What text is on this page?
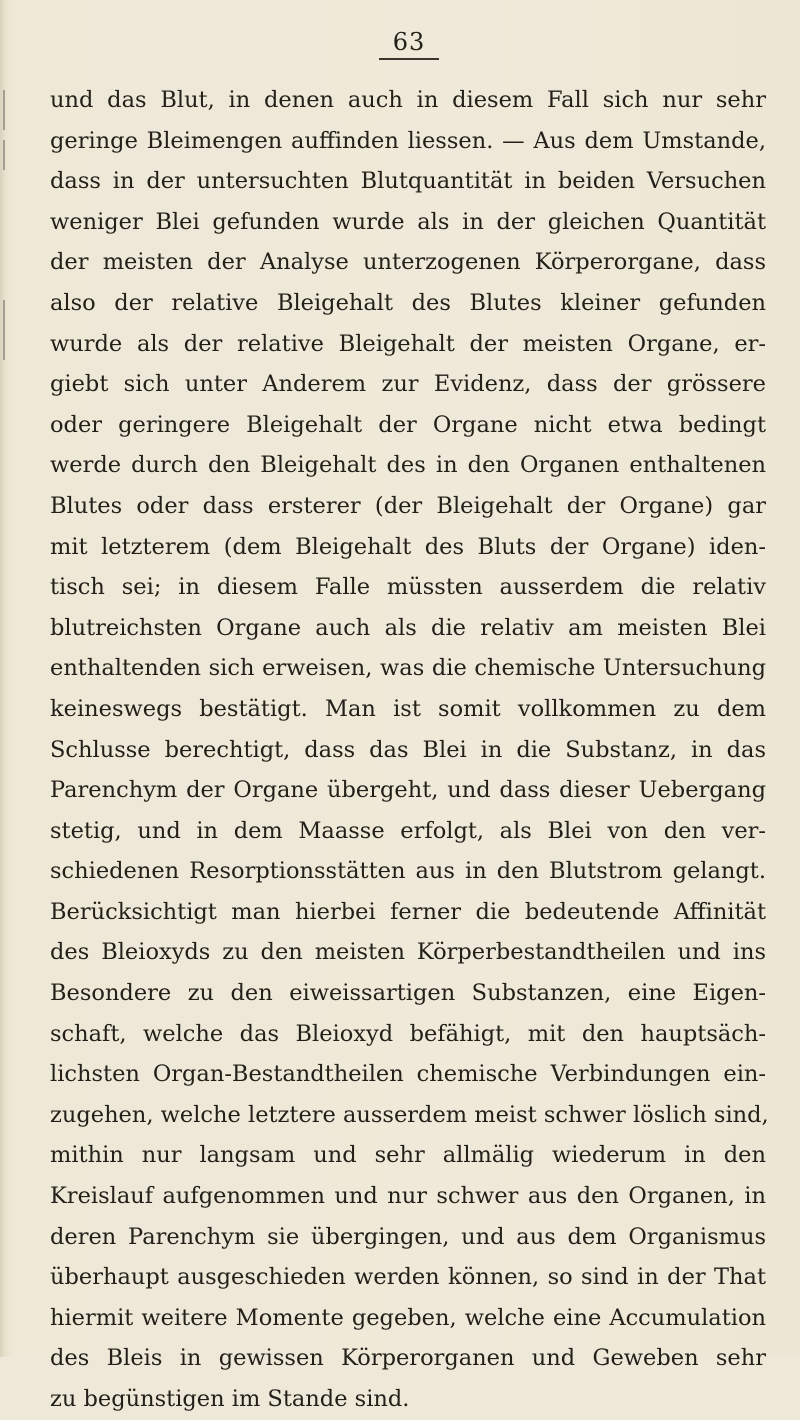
63
und das Blut, in denen auch in diesem Fall sich nur sehr
geringe Bleimengen auffinden liessen. — Aus dem Umstande,
dass in der untersuchten Blutquantität in beiden Versuchen
weniger Blei gefunden wurde als in der gleichen Quantität
der meisten der Analyse unterzogenen Körperorgane, dass
also der relative Bleigehalt des Blutes kleiner gefunden
wurde als der relative Bleigehalt der meisten Organe, er-
giebt sich unter Anderem zur Evidenz, dass der grössere
oder geringere Bleigehalt der Organe nicht etwa bedingt
werde durch den Bleigehalt des in den Organen enthaltenen
Blutes oder dass ersterer (der Bleigehalt der Organe) gar
mit letzterem (dem Bleigehalt des Bluts der Organe) iden-
tisch sei; in diesem Falle müssten ausserdem die relativ
blutreichsten Organe auch als die relativ am meisten Blei
enthaltenden sich erweisen, was die chemische Untersuchung
keineswegs bestätigt. Man ist somit vollkommen zu dem
Schlusse berechtigt, dass das Blei in die Substanz, in das
Parenchym der Organe übergeht, und dass dieser Uebergang
stetig, und in dem Maasse erfolgt, als Blei von den ver-
schiedenen Resorptionsstätten aus in den Blutstrom gelangt.
Berücksichtigt man hierbei ferner die bedeutende Affinität
des Bleioxyds zu den meisten Körperbestandtheilen und ins
Besondere zu den eiweissartigen Substanzen, eine Eigen-
schaft, welche das Bleioxyd befähigt, mit den hauptsäch-
lichsten Organ-Bestandtheilen chemische Verbindungen ein-
zugehen, welche letztere ausserdem meist schwer löslich sind,
mithin nur langsam und sehr allmälig wiederum in den
Kreislauf aufgenommen und nur schwer aus den Organen, in
deren Parenchym sie übergingen, und aus dem Organismus
überhaupt ausgeschieden werden können, so sind in der That
hiermit weitere Momente gegeben, welche eine Accumulation
des Bleis in gewissen Körperorganen und Geweben sehr
zu begünstigen im Stande sind.
